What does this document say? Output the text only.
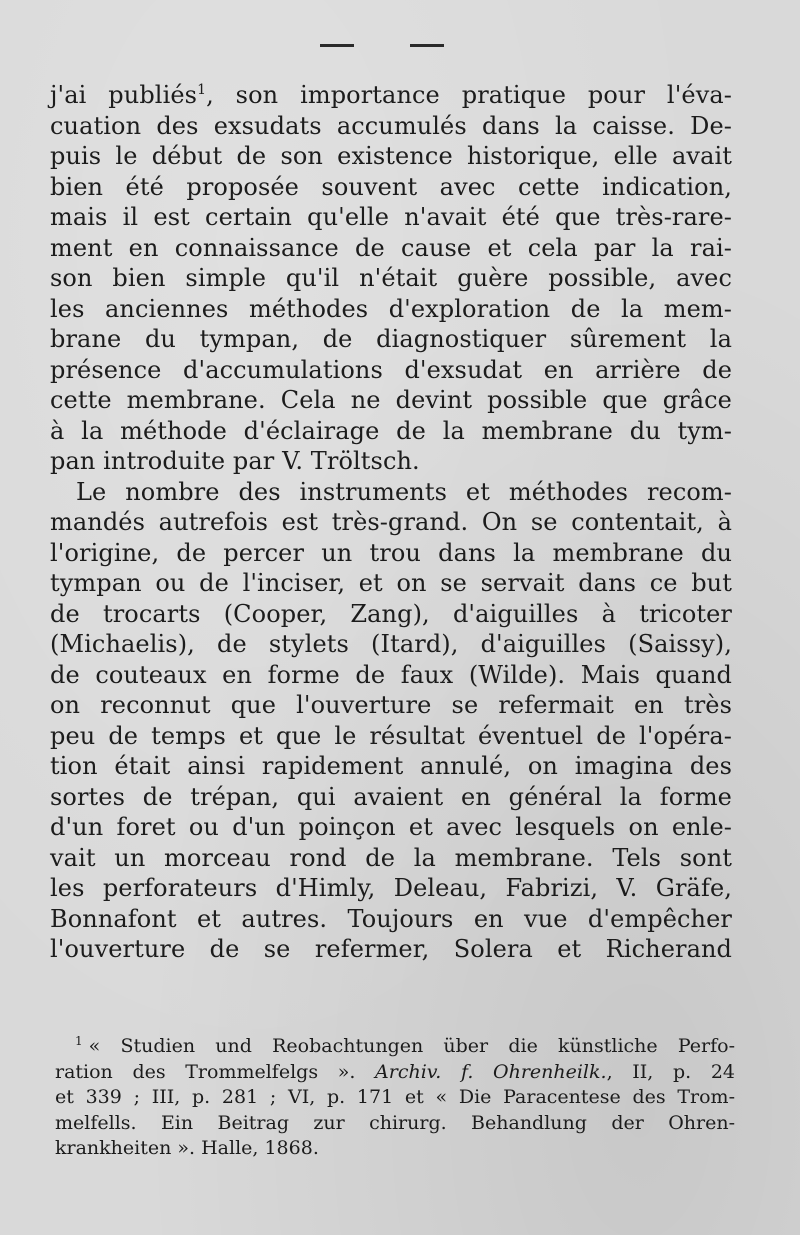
j'ai publiés$^1$, son importance pratique pour l'éva-
cuation des exsudats accumulés dans la caisse. De-
puis le début de son existence historique, elle avait
bien été proposée souvent avec cette indication,
mais il est certain qu'elle n'avait été que très-rare-
ment en connaissance de cause et cela par la rai-
son bien simple qu'il n'était guère possible, avec
les anciennes méthodes d'exploration de la mem-
brane du tympan, de diagnostiquer sûrement la
présence d'accumulations d'exsudat en arrière de
cette membrane. Cela ne devint possible que grâce
à la méthode d'éclairage de la membrane du tym-
pan introduite par V. Tröltsch.
Le nombre des instruments et méthodes recom-
mandés autrefois est très-grand. On se contentait, à
l'origine, de percer un trou dans la membrane du
tympan ou de l'inciser, et on se servait dans ce but
de trocarts (Cooper, Zang), d'aiguilles à tricoter
(Michaelis), de stylets (Itard), d'aiguilles (Saissy),
de couteaux en forme de faux (Wilde). Mais quand
on reconnut que l'ouverture se refermait en très
peu de temps et que le résultat éventuel de l'opéra-
tion était ainsi rapidement annulé, on imagina des
sortes de trépan, qui avaient en général la forme
d'un foret ou d'un poinçon et avec lesquels on enle-
vait un morceau rond de la membrane. Tels sont
les perforateurs d'Himly, Deleau, Fabrizi, V. Gräfe,
Bonnafont et autres. Toujours en vue d'empêcher
l'ouverture de se refermer, Solera et Richerand
$^1$ « Studien und Reobachtungen über die künstliche Perfo-
ration des Trommelfelgs ». Archiv. f. Ohrenheilk., II, p. 24
et 339 ; III, p. 281 ; VI, p. 171 et « Die Paracentese des Trom-
melfells. Ein Beitrag zur chirurg. Behandlung der Ohren-
krankheiten ». Halle, 1868.
